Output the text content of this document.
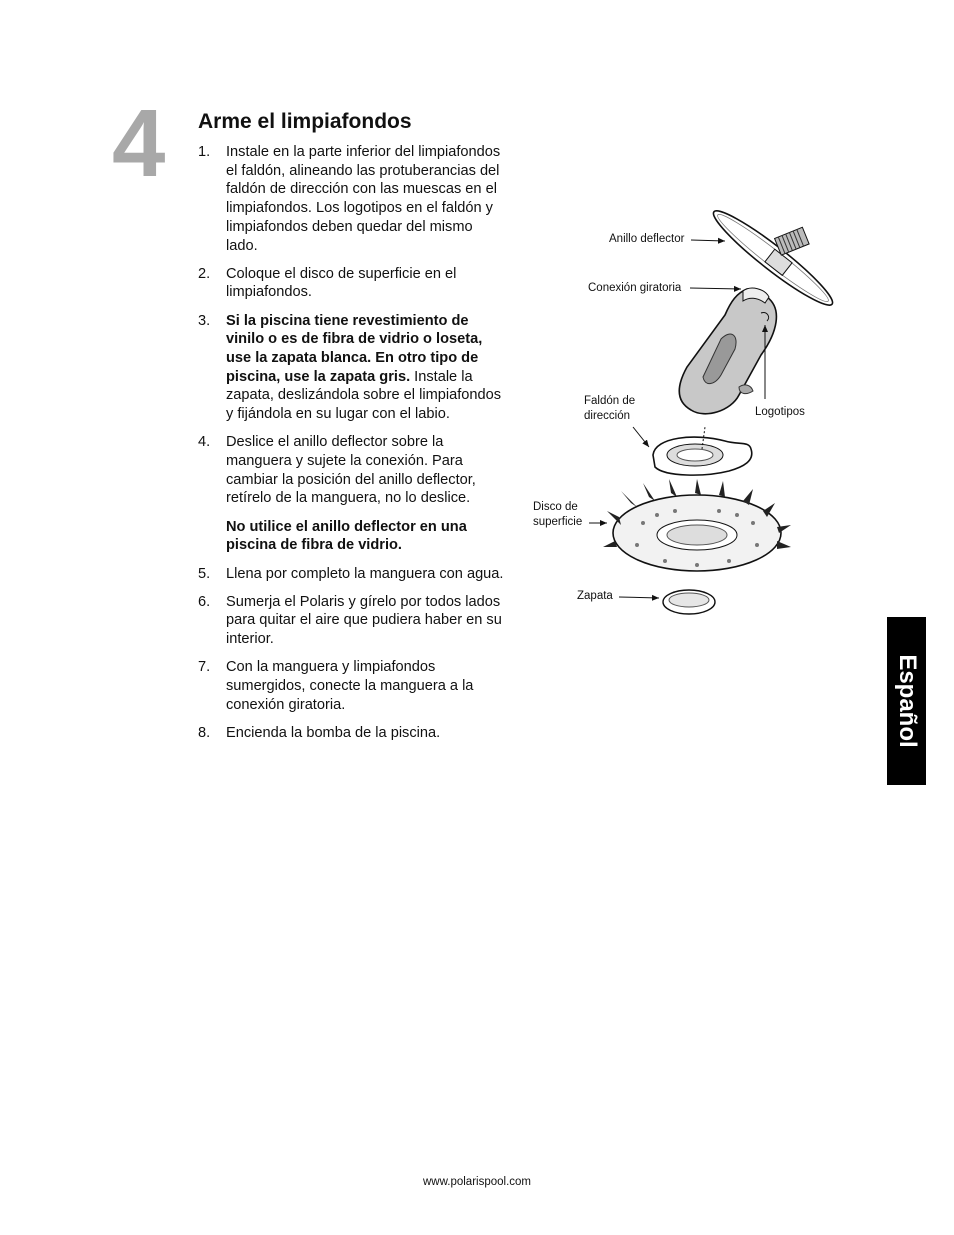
4 Arme el limpiafondos
1. Instale en la parte inferior del limpiafondos el faldón, alineando las protuberancias del faldón de dirección con las muescas en el limpiafondos. Los logotipos en el faldón y limpiafondos deben quedar del mismo lado.
2. Coloque el disco de superficie en el limpiafondos.
3. Si la piscina tiene revestimiento de vinilo o es de fibra de vidrio o loseta, use la zapata blanca. En otro tipo de piscina, use la zapata gris. Instale la zapata, deslizándola sobre el limpiafondos y fijándola en su lugar con el labio.
4. Deslice el anillo deflector sobre la manguera y sujete la conexión. Para cambiar la posición del anillo deflector, retírelo de la manguera, no lo deslice.
No utilice el anillo deflector en una piscina de fibra de vidrio.
5. Llena por completo la manguera con agua.
6. Sumerja el Polaris y gírelo por todos lados para quitar el aire que pudiera haber en su interior.
7. Con la manguera y limpiafondos sumergidos, conecte la manguera a la conexión giratoria.
8. Encienda la bomba de la piscina.
Anillo deflector
Conexión giratoria
Faldón de
dirección	Logotipos
Disco de
superficie
Zapata
Español
www.polarispool.com
